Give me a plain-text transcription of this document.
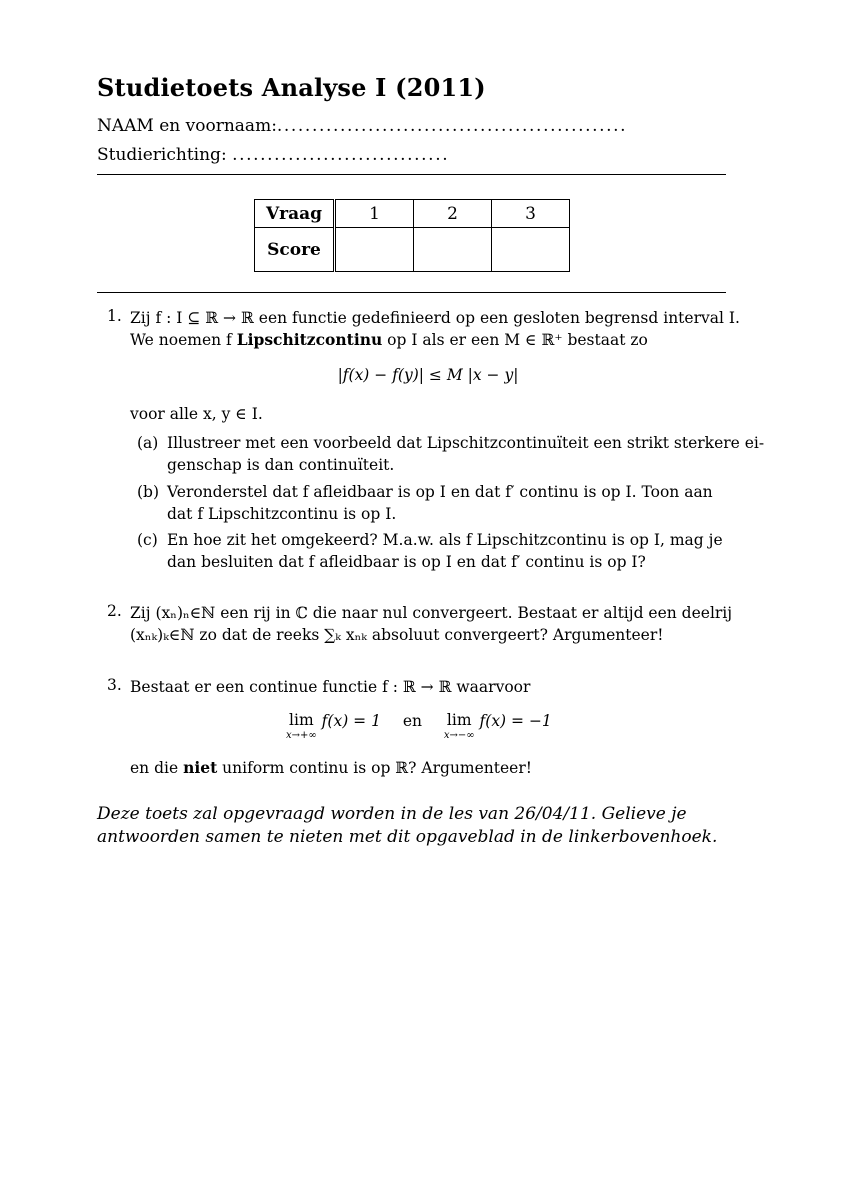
Studietoets Analyse I (2011)
NAAM en voornaam:..................................................
Studierichting: ...............................
Vraag	1	2	3
Score			
1. Zij f : I ⊆ ℝ → ℝ een functie gedefinieerd op een gesloten begrensd interval I.
We noemen f Lipschitzcontinu op I als er een M ∈ ℝ⁺ bestaat zo
|f(x) − f(y)| ≤ M |x − y|
voor alle x, y ∈ I.
(a) Illustreer met een voorbeeld dat Lipschitzcontinuïteit een strikt sterkere ei-
genschap is dan continuïteit.
(b) Veronderstel dat f afleidbaar is op I en dat f′ continu is op I. Toon aan
dat f Lipschitzcontinu is op I.
(c) En hoe zit het omgekeerd? M.a.w. als f Lipschitzcontinu is op I, mag je
dan besluiten dat f afleidbaar is op I en dat f′ continu is op I?
2. Zij (xₙ)ₙ∈ℕ een rij in ℂ die naar nul convergeert. Bestaat er altijd een deelrij
(xₙₖ)ₖ∈ℕ zo dat de reeks ∑ₖ xₙₖ absoluut convergeert? Argumenteer!
3. Bestaat er een continue functie f : ℝ → ℝ waarvoor
lim
x→+∞
f(x) = 1 en lim
x→−∞
f(x) = −1
en die niet uniform continu is op ℝ? Argumenteer!
Deze toets zal opgevraagd worden in de les van 26/04/11. Gelieve je
antwoorden samen te nieten met dit opgaveblad in de linkerbovenhoek.
